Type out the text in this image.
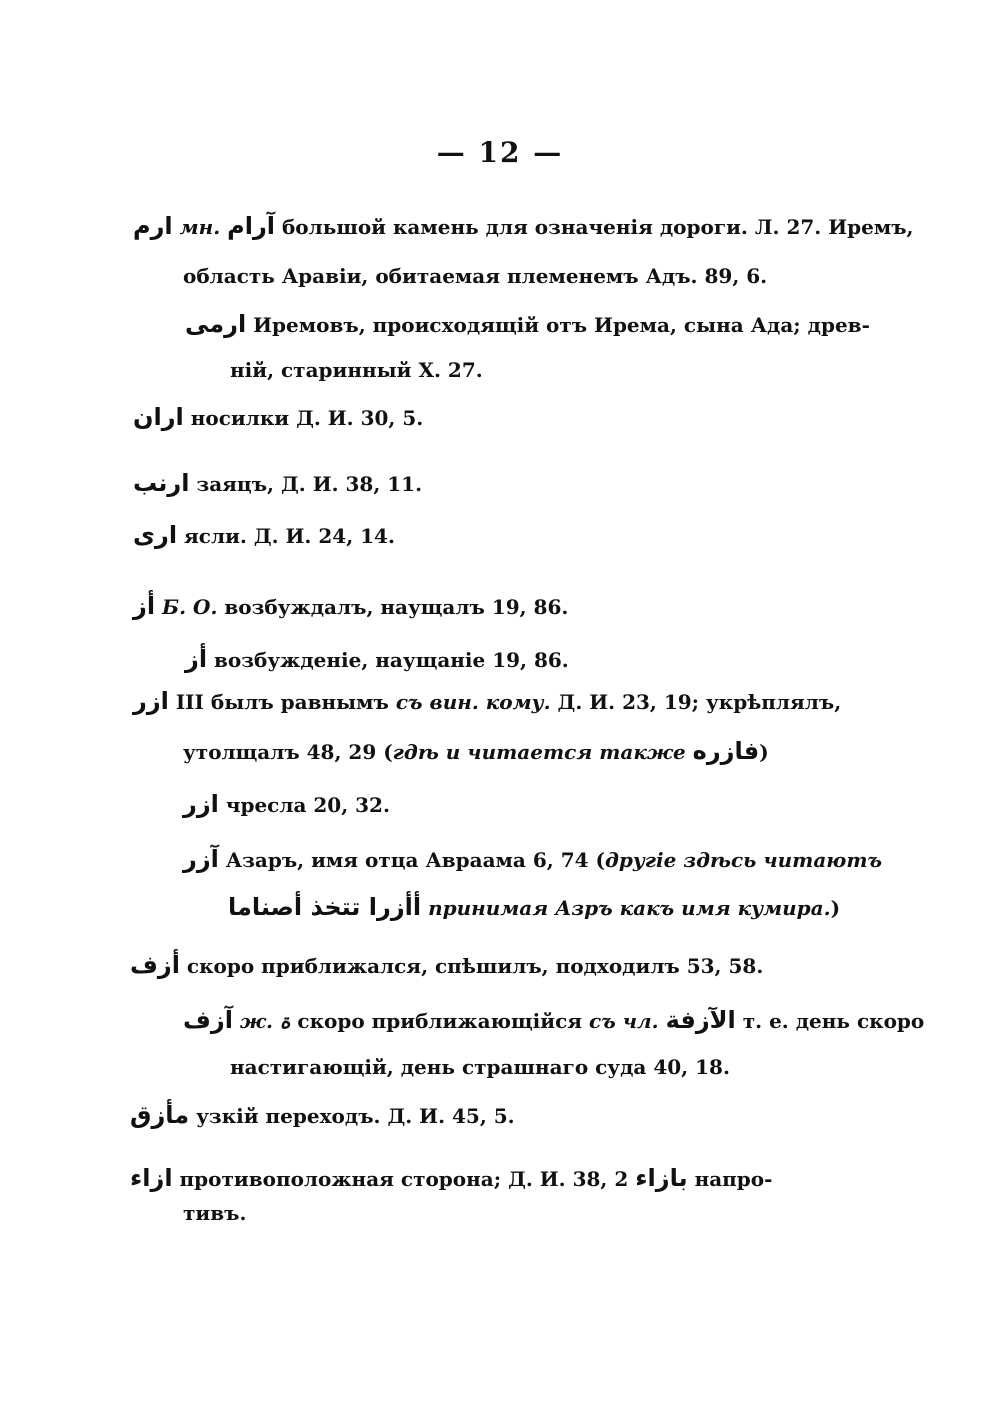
— 12 —
ارم мн. آرام большой камень для означенія дороги. Л. 27. Иремъ,
область Аравіи, обитаемая племенемъ Адъ. 89, 6.
ارمى Иремовъ, происходящій отъ Ирема, сына Ада; древ-
ній, старинный X. 27.
اران носилки Д. И. 30, 5.
ارنب заяцъ, Д. И. 38, 11.
ارى ясли. Д. И. 24, 14.
أز Б. О. возбуждалъ, наущалъ 19, 86.
أز возбужденіе, наущаніе 19, 86.
ازر III былъ равнымъ съ вин. кому. Д. И. 23, 19; укрѣплялъ,
утолщалъ 48, 29 (гдѣ и читается также فازره)
ازر чресла 20, 32.
آزر Азаръ, имя отца Авраама 6, 74 (другіе здѣсь читаютъ
أأزرا تتخذ أصناما принимая Азръ какъ имя кумира.)
أزف скоро приближался, спѣшилъ, подходилъ 53, 58.
آزف ж. ة скоро приближающійся съ чл. الآزفة т. е. день скоро
настигающій, день страшнаго суда 40, 18.
مأزق узкій переходъ. Д. И. 45, 5.
ازاء противоположная сторона; Д. И. 38, 2 بازاء напро-
тивъ.
